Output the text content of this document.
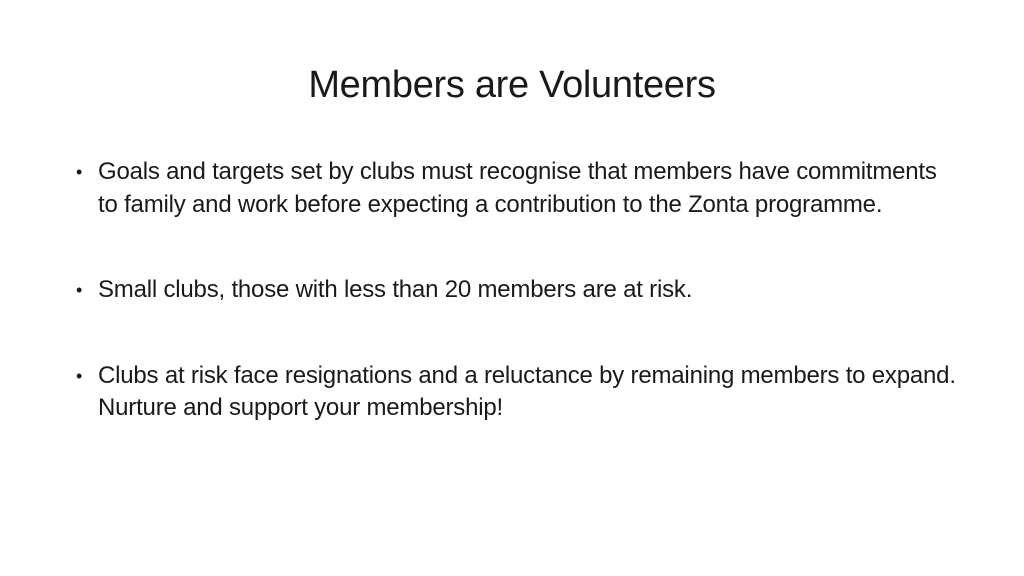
Members are Volunteers
• Goals and targets set by clubs must recognise that members have commitments to family and work before expecting a contribution to the Zonta programme.
• Small clubs, those with less than 20 members are at risk.
• Clubs at risk face resignations and a reluctance by remaining members to expand. Nurture and support your membership!
